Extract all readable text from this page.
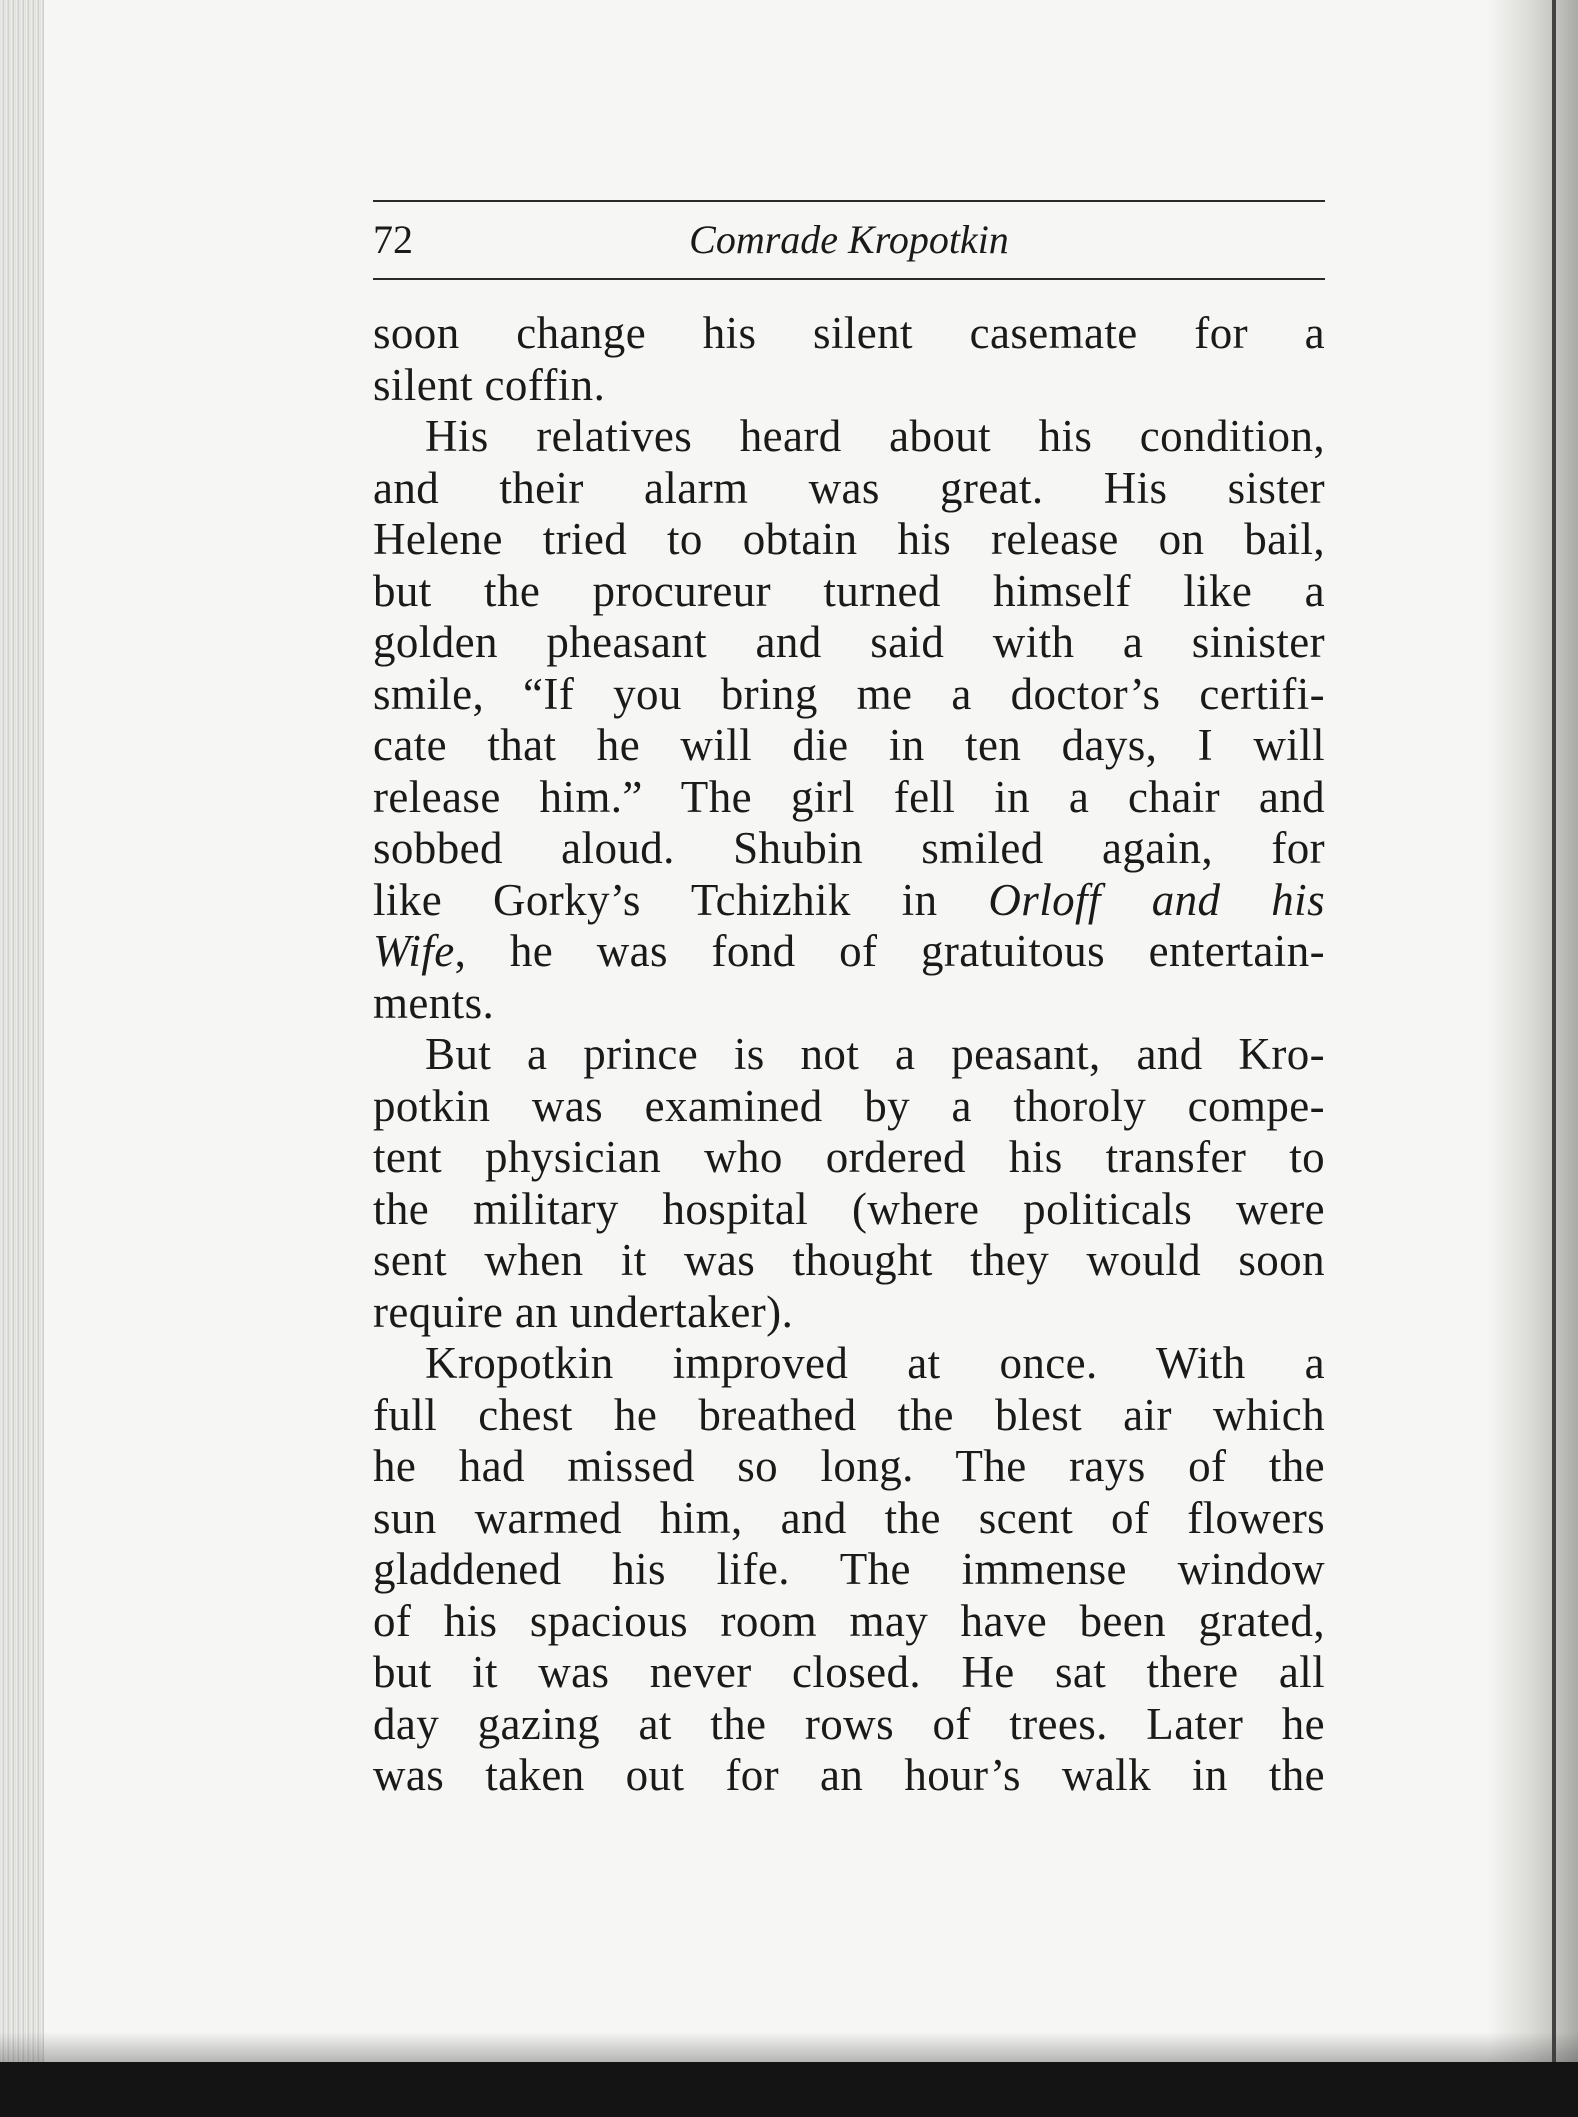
72	Comrade Kropotkin
soon change his silent casemate for a
silent coffin.
His relatives heard about his condition,
and their alarm was great. His sister
Helene tried to obtain his release on bail,
but the procureur turned himself like a
golden pheasant and said with a sinister
smile, “If you bring me a doctor’s certifi-
cate that he will die in ten days, I will
release him.” The girl fell in a chair and
sobbed aloud. Shubin smiled again, for
like Gorky’s Tchizhik in Orloff and his
Wife, he was fond of gratuitous entertain-
ments.
But a prince is not a peasant, and Kro-
potkin was examined by a thoroly compe-
tent physician who ordered his transfer to
the military hospital (where politicals were
sent when it was thought they would soon
require an undertaker).
Kropotkin improved at once. With a
full chest he breathed the blest air which
he had missed so long. The rays of the
sun warmed him, and the scent of flowers
gladdened his life. The immense window
of his spacious room may have been grated,
but it was never closed. He sat there all
day gazing at the rows of trees. Later he
was taken out for an hour’s walk in the
